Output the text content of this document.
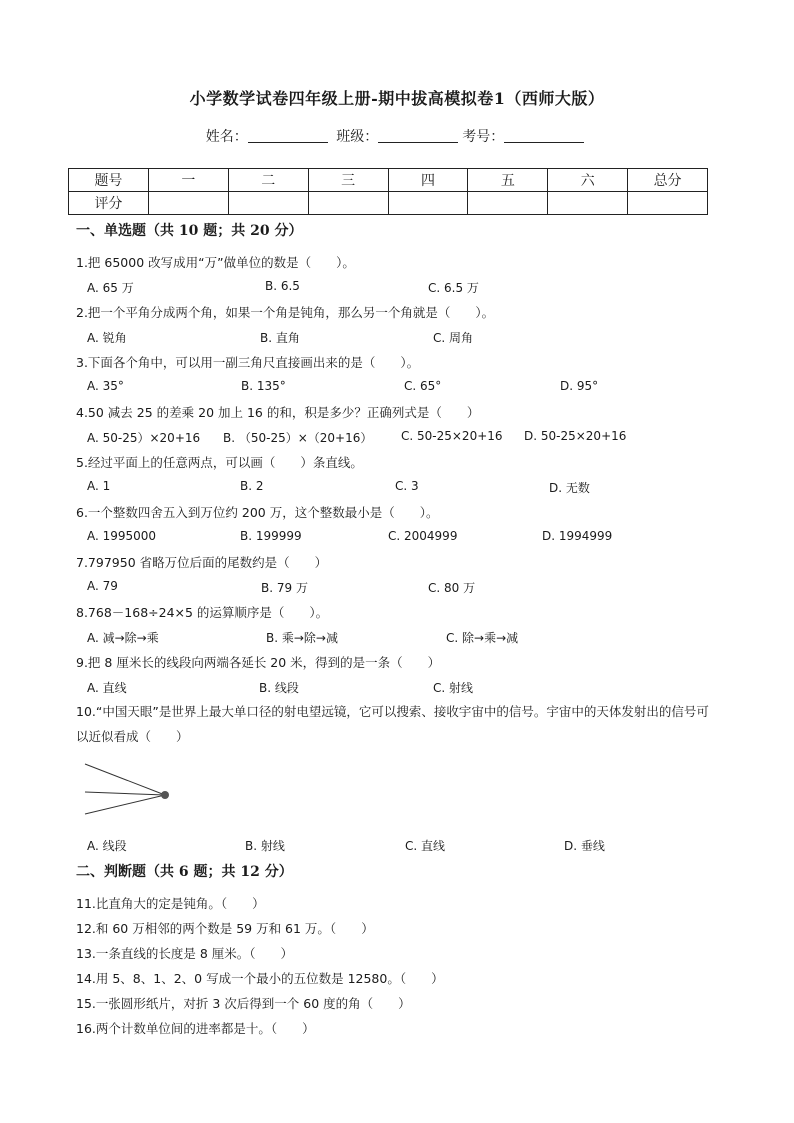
小学数学试卷四年级上册-期中拔高模拟卷1（西师大版）
姓名：	班级：	考号：
题号	一	二	三	四	五	六	总分
评分							
一、单选题（共 10 题；共 20 分）
1.把 65000 改写成用“万”做单位的数是（　　）。
A. 65 万	B. 6.5	C. 6.5 万
2.把一个平角分成两个角，如果一个角是钝角，那么另一个角就是（　　）。
A. 锐角	B. 直角	C. 周角
3.下面各个角中，可以用一副三角尺直接画出来的是（　　）。
A. 35°	B. 135°	C. 65°	D. 95°
4.50 减去 25 的差乘 20 加上 16 的和，积是多少？正确列式是（　　）
A. 50-25）×20+16 B. （50-25）×（20+16） C. 50-25×20+16 D. 50-25×20+16
5.经过平面上的任意两点，可以画（　　）条直线。
A. 1	B. 2	C. 3	D. 无数
6.一个整数四舍五入到万位约 200 万，这个整数最小是（　　）。
A. 1995000	B. 199999	C. 2004999	D. 1994999
7.797950 省略万位后面的尾数约是（　　）
A. 79	B. 79 万	C. 80 万
8.768－168÷24×5 的运算顺序是（　　）。
A. 减→除→乘	B. 乘→除→减	C. 除→乘→减
9.把 8 厘米长的线段向两端各延长 20 米，得到的是一条（　　）
A. 直线	B. 线段	C. 射线
10.“中国天眼”是世界上最大单口径的射电望远镜，它可以搜索、接收宇宙中的信号。宇宙中的天体发射出的信号可以近似看成（　　）
A. 线段	B. 射线	C. 直线	D. 垂线
二、判断题（共 6 题；共 12 分）
11.比直角大的定是钝角。（　　）
12.和 60 万相邻的两个数是 59 万和 61 万。（　　）
13.一条直线的长度是 8 厘米。（　　）
14.用 5、8、1、2、0 写成一个最小的五位数是 12580。（　　）
15.一张圆形纸片，对折 3 次后得到一个 60 度的角（　　）
16.两个计数单位间的进率都是十。（　　）
